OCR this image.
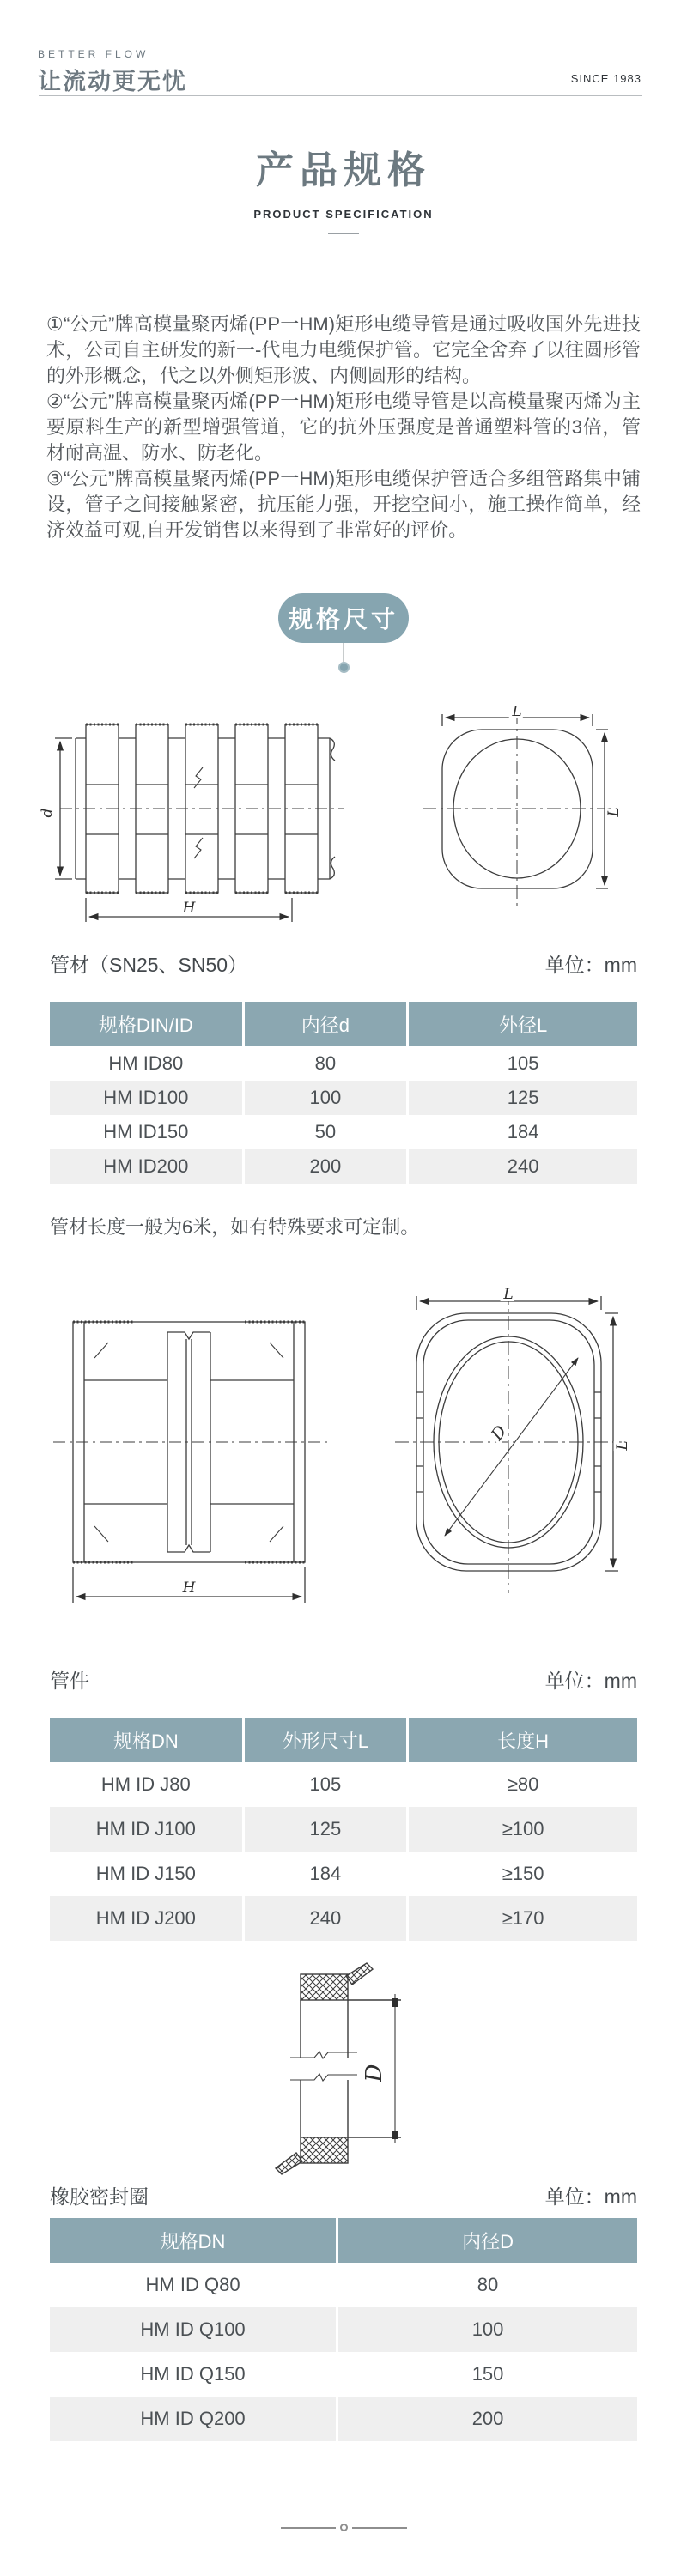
BETTER FLOW
让流动更无忧	SINCE 1983
产品规格
PRODUCT SPECIFICATION

①“公元”牌高模量聚丙烯(PP一HM)矩形电缆导管是通过吸收国外先进技术，公司自主研发的新一-代电力电缆保护管。它完全舍弃了以往圆形管的外形概念，代之以外侧矩形波、内侧圆形的结构。

②“公元”牌高模量聚丙烯(PP一HM)矩形电缆导管是以高模量聚丙烯为主要原料生产的新型增强管道，它的抗外压强度是普通塑料管的3倍，管材耐高温、防水、防老化。

③“公元”牌高模量聚丙烯(PP一HM)矩形电缆保护管适合多组管路集中铺设，管子之间接触紧密，抗压能力强，开挖空间小，施工操作简单，经济效益可观,自开发销售以来得到了非常好的评价。

规格尺寸
d
H
L
L
管材（SN25、SN50）	单位：mm
规格DIN/ID	内径d	外径L
HM ID80	80	105
HM ID100	100	125
HM ID150	50	184
HM ID200	200	240
管材长度一般为6米，如有特殊要求可定制。
H
L
L
D
管件	单位：mm
规格DN	外形尺寸L	长度H
HM ID J80	105	≥80
HM ID J100	125	≥100
HM ID J150	184	≥150
HM ID J200	240	≥170
D
橡胶密封圈	单位：mm
规格DN	内径D
HM ID Q80	80
HM ID Q100	100
HM ID Q150	150
HM ID Q200	200
